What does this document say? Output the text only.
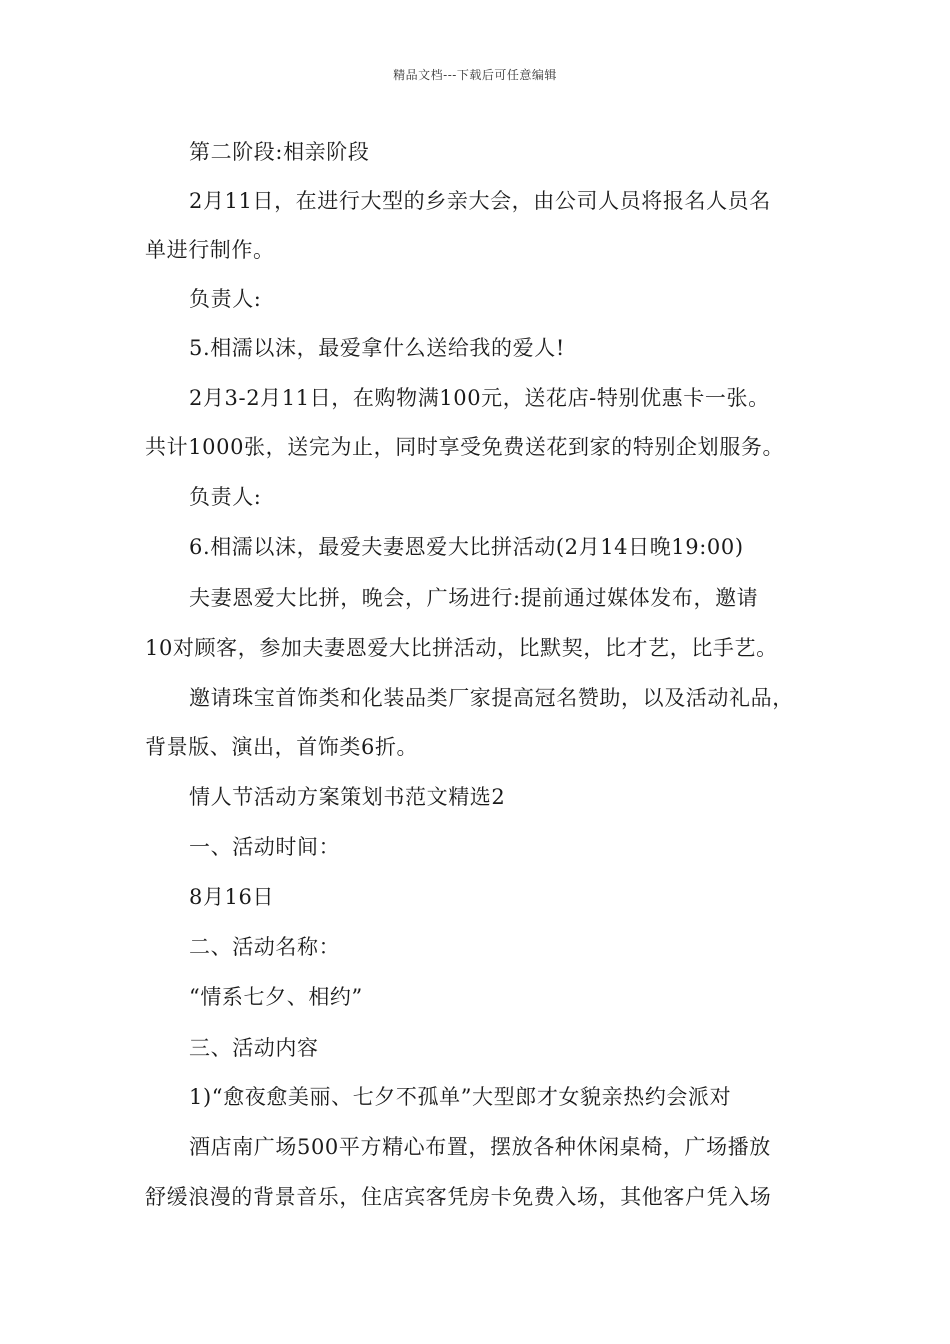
精品文档---下载后可任意编辑
第二阶段:相亲阶段
2月11日，在进行大型的乡亲大会，由公司人员将报名人员名
单进行制作。
负责人:
5.相濡以沫，最爱拿什么送给我的爱人!
2月3-2月11日，在购物满100元，送花店-特别优惠卡一张。
共计1000张，送完为止，同时享受免费送花到家的特别企划服务。
负责人:
6.相濡以沫，最爱夫妻恩爱大比拼活动(2月14日晚19:00)
夫妻恩爱大比拼，晚会，广场进行:提前通过媒体发布，邀请
10对顾客，参加夫妻恩爱大比拼活动，比默契，比才艺，比手艺。
邀请珠宝首饰类和化装品类厂家提高冠名赞助，以及活动礼品，
背景版、演出，首饰类6折。
情人节活动方案策划书范文精选2
一、活动时间：
8月16日
二、活动名称：
“情系七夕、相约”
三、活动内容
1)“愈夜愈美丽、七夕不孤单”大型郎才女貌亲热约会派对
酒店南广场500平方精心布置，摆放各种休闲桌椅，广场播放
舒缓浪漫的背景音乐，住店宾客凭房卡免费入场，其他客户凭入场
